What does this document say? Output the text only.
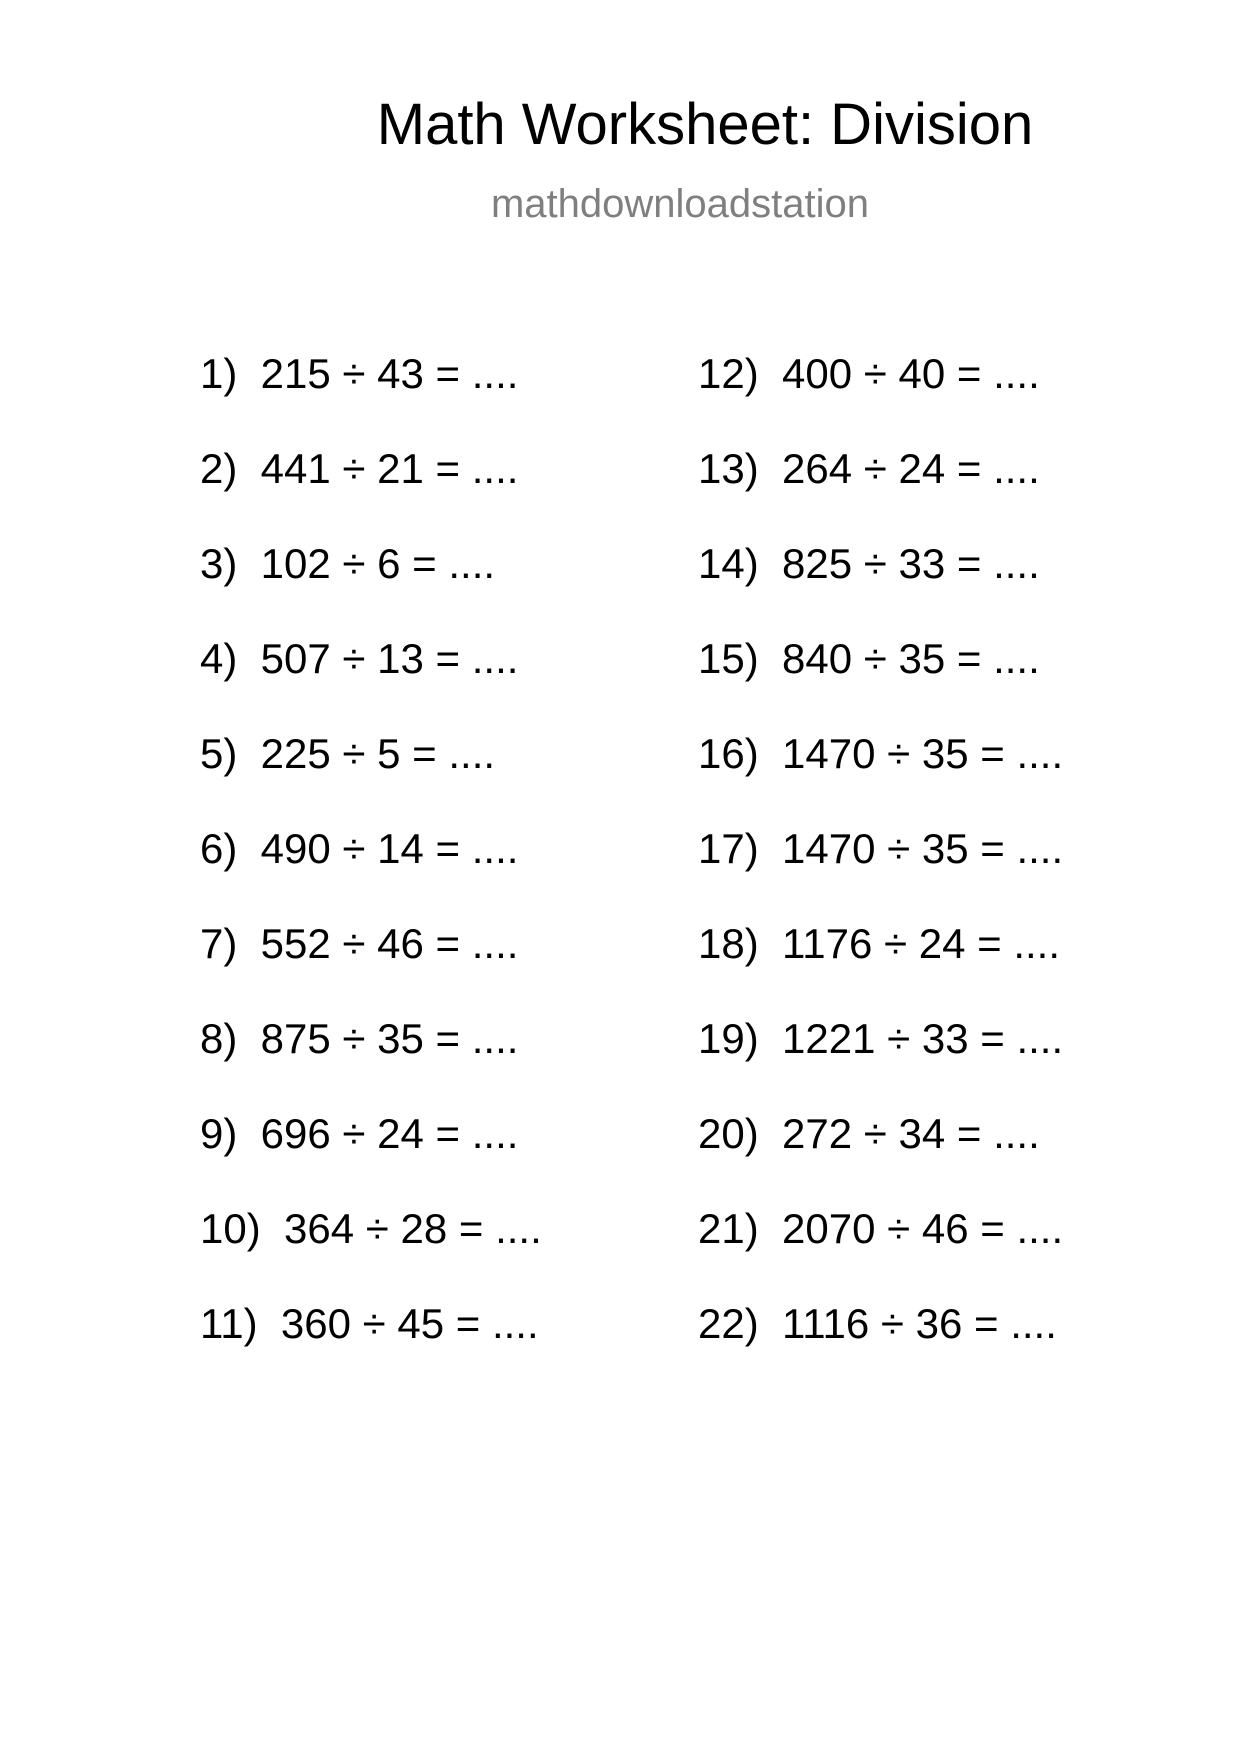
Math Worksheet: Division
mathdownloadstation
1)  215 ÷ 43 = ....
2)  441 ÷ 21 = ....
3)  102 ÷ 6 = ....
4)  507 ÷ 13 = ....
5)  225 ÷ 5 = ....
6)  490 ÷ 14 = ....
7)  552 ÷ 46 = ....
8)  875 ÷ 35 = ....
9)  696 ÷ 24 = ....
10)  364 ÷ 28 = ....
11)  360 ÷ 45 = ....
12)  400 ÷ 40 = ....
13)  264 ÷ 24 = ....
14)  825 ÷ 33 = ....
15)  840 ÷ 35 = ....
16)  1470 ÷ 35 = ....
17)  1470 ÷ 35 = ....
18)  1176 ÷ 24 = ....
19)  1221 ÷ 33 = ....
20)  272 ÷ 34 = ....
21)  2070 ÷ 46 = ....
22)  1116 ÷ 36 = ....
